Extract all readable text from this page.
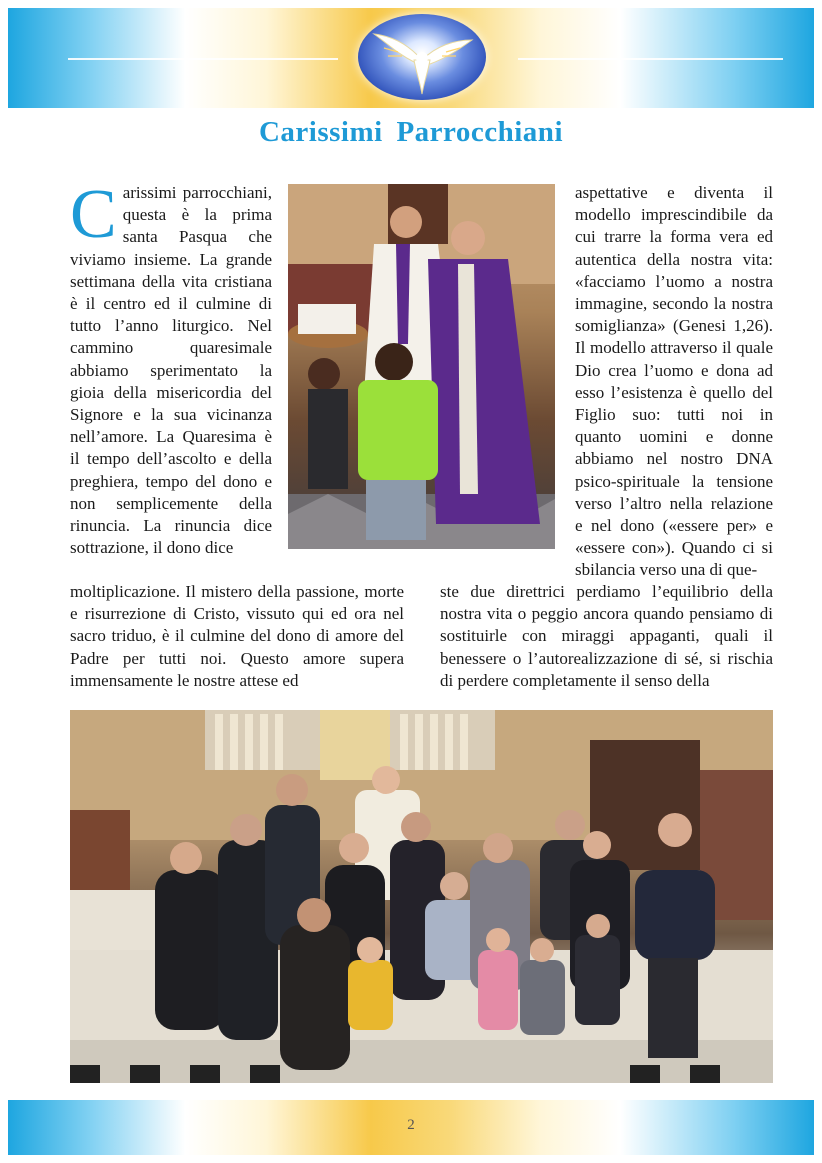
Carissimi Parrocchiani
Carissimi parrocchiani, questa è la prima santa Pasqua che viviamo insieme. La grande settimana della vita cristiana è il centro ed il culmine di tutto l’anno liturgico. Nel cammino quaresimale abbiamo sperimentato la gioia della misericordia del Signore e la sua vicinanza nell’amore. La Quaresima è il tempo dell’ascolto e della preghiera, tempo del dono e non semplicemente della rinuncia. La rinuncia dice sottrazione, il dono dice
moltiplicazione. Il mistero della passione, morte e risurrezione di Cristo, vissuto qui ed ora nel sacro triduo, è il culmine del dono di amore del Padre per tutti noi. Questo amore supera immensamente le nostre attese ed
aspettative e diventa il modello imprescindibile da cui trarre la forma vera ed autentica della nostra vita: «facciamo l’uomo a nostra immagine, secondo la nostra somiglianza» (Genesi 1,26). Il modello attraverso il quale Dio crea l’uomo e dona ad esso l’esistenza è quello del Figlio suo: tutti noi in quanto uomini e donne abbiamo nel nostro DNA psico-spirituale la tensione verso l’altro nella relazione e nel dono («essere per» e «essere con»). Quando ci si sbilancia verso una di que-
ste due direttrici perdiamo l’equilibrio della nostra vita o peggio ancora quando pensiamo di sostituirle con miraggi appaganti, quali il benessere o l’autorealizzazione di sé, si rischia di perdere completamente il senso della
2
